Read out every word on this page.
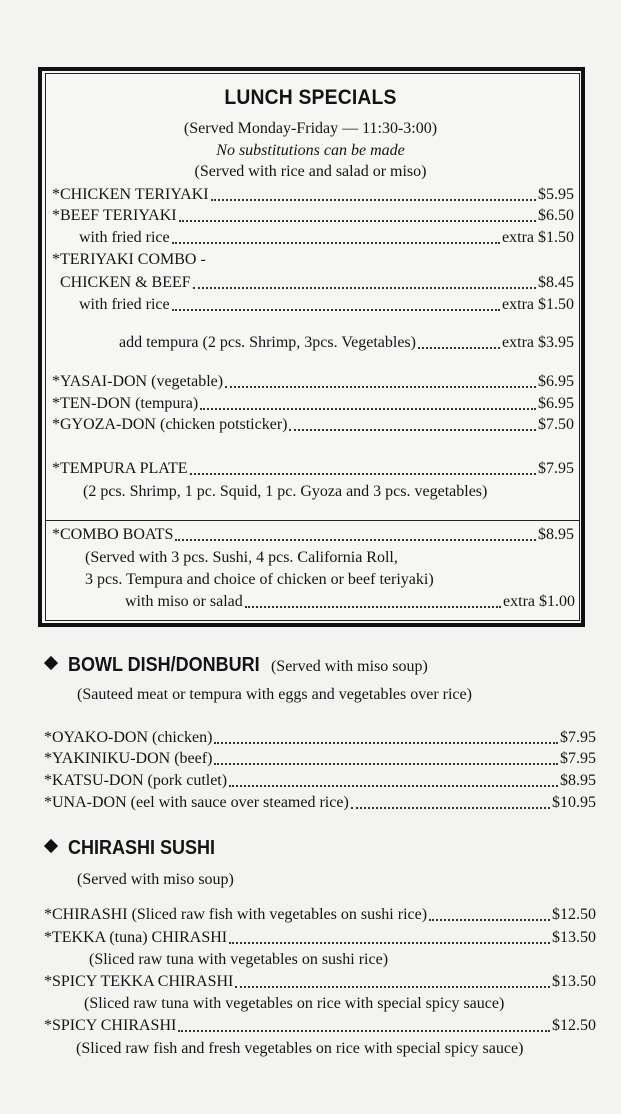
LUNCH SPECIALS
(Served Monday-Friday — 11:30-3:00)
No substitutions can be made
(Served with rice and salad or miso)
*CHICKEN TERIYAKI	$5.95
*BEEF TERIYAKI	$6.50
with fried rice	extra $1.50
*TERIYAKI COMBO -
CHICKEN & BEEF	$8.45
with fried rice	extra $1.50
add tempura (2 pcs. Shrimp, 3pcs. Vegetables)	extra $3.95
*YASAI-DON (vegetable)	$6.95
*TEN-DON (tempura)	$6.95
*GYOZA-DON (chicken potsticker)	$7.50
*TEMPURA PLATE	$7.95
(2 pcs. Shrimp, 1 pc. Squid, 1 pc. Gyoza and 3 pcs. vegetables)
*COMBO BOATS	$8.95
(Served with 3 pcs. Sushi, 4 pcs. California Roll,
3 pcs. Tempura and choice of chicken or beef teriyaki)
with miso or salad	extra $1.00
BOWL DISH/DONBURI (Served with miso soup)
(Sauteed meat or tempura with eggs and vegetables over rice)
*OYAKO-DON (chicken)	$7.95
*YAKINIKU-DON (beef)	$7.95
*KATSU-DON (pork cutlet)	$8.95
*UNA-DON (eel with sauce over steamed rice)	$10.95
CHIRASHI SUSHI
(Served with miso soup)
*CHIRASHI (Sliced raw fish with vegetables on sushi rice)	$12.50
*TEKKA (tuna) CHIRASHI	$13.50
(Sliced raw tuna with vegetables on sushi rice)
*SPICY TEKKA CHIRASHI	$13.50
(Sliced raw tuna with vegetables on rice with special spicy sauce)
*SPICY CHIRASHI	$12.50
(Sliced raw fish and fresh vegetables on rice with special spicy sauce)
